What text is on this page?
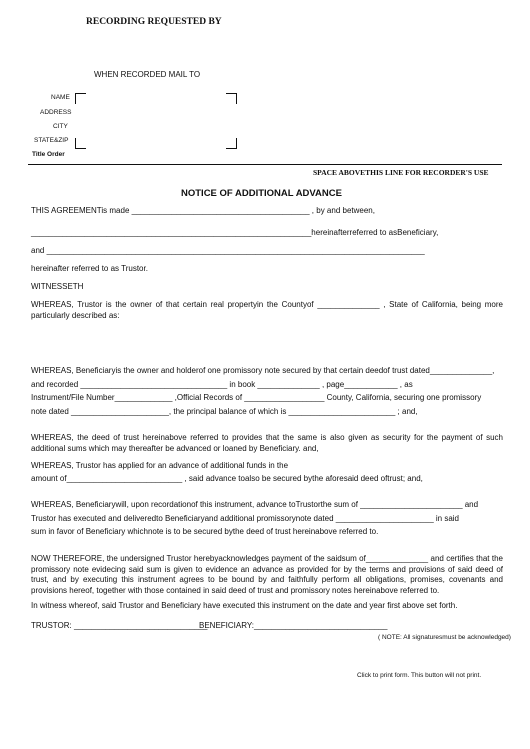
RECORDING REQUESTED BY
WHEN RECORDED MAIL TO
NAME
ADDRESS
CITY
STATE&ZIP
Title Order
SPACE ABOVETHIS LINE FOR RECORDER'S USE
NOTICE OF ADDITIONAL ADVANCE
THIS AGREEMENTis made ________________________________________ , by and between,
_______________________________________________________________hereinafterreferred to asBeneficiary,
and _____________________________________________________________________________________
hereinafter referred to as Trustor.
WITNESSETH
WHEREAS, Trustor is the owner of that certain real propertyin the Countyof ______________ , State of California, being more particularly described as:
WHEREAS, Beneficiaryis the owner and holderof one promissory note secured by that certain deedof trust dated______________,
and recorded _________________________________ in book ______________ , page____________ , as
Instrument/File Number_____________ ,Official Records of __________________ County, California, securing one promissory
note dated ______________________, the principal balance of which is ________________________ ; and,
WHEREAS, the deed of trust hereinabove referred to provides that the same is also given as security for the payment of such additional sums which may thereafter be advanced or loaned by Beneficiary. and,
WHEREAS, Trustor has applied for an advance of additional funds in the
amount of__________________________ , said advance toalso be secured bythe aforesaid deed oftrust; and,
WHEREAS, Beneficiarywill, upon recordationof this instrument, advance toTrustorthe sum of _______________________ and
Trustor has executed and deliveredto Beneficiaryand additional promissorynote dated ______________________ in said
sum in favor of Beneficiary whichnote is to be secured bythe deed of trust hereinabove referred to.
NOW THEREFORE, the undersigned Trustor herebyacknowledges payment of the saidsum of______________ and certifies that the promissory note evidecing said sum is given to evidence an advance as provided for by the terms and provisions of said deed of trust, and by executing this instrument agrees to be bound by and faithfully perform all obligations, promises, covenants and provisions hereof, together with those contained in said deed of trust and promissory notes hereinabove referred to.
In witness whereof, said Trustor and Beneficiary have executed this instrument on the date and year first above set forth.
TRUSTOR: ______________________________
BENEFICIARY: ______________________________
( NOTE: All signaturesmust be acknowledged)
Click to print form. This button will not print.
